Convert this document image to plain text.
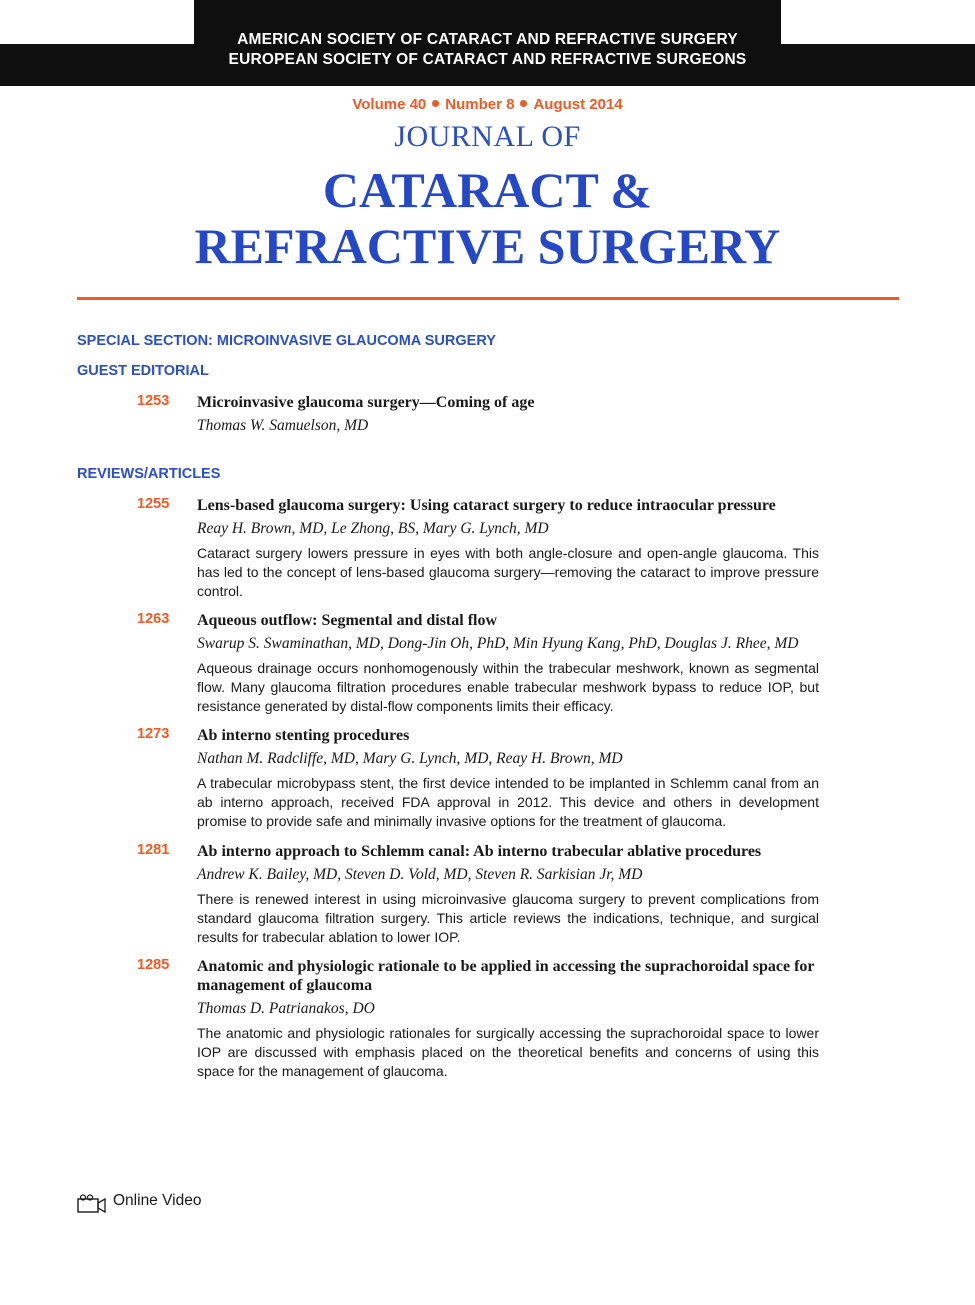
AMERICAN SOCIETY OF CATARACT AND REFRACTIVE SURGERY
EUROPEAN SOCIETY OF CATARACT AND REFRACTIVE SURGEONS
Volume 40 Number 8 August 2014
JOURNAL OF
CATARACT &
REFRACTIVE SURGERY
SPECIAL SECTION: MICROINVASIVE GLAUCOMA SURGERY
GUEST EDITORIAL
1253 Microinvasive glaucoma surgery—Coming of age
Thomas W. Samuelson, MD
REVIEWS/ARTICLES
1255 Lens-based glaucoma surgery: Using cataract surgery to reduce intraocular pressure
Reay H. Brown, MD, Le Zhong, BS, Mary G. Lynch, MD
Cataract surgery lowers pressure in eyes with both angle-closure and open-angle glaucoma. This has led to the concept of lens-based glaucoma surgery—removing the cataract to improve pressure control.
1263 Aqueous outflow: Segmental and distal flow
Swarup S. Swaminathan, MD, Dong-Jin Oh, PhD, Min Hyung Kang, PhD, Douglas J. Rhee, MD
Aqueous drainage occurs nonhomogenously within the trabecular meshwork, known as segmental flow. Many glaucoma filtration procedures enable trabecular meshwork bypass to reduce IOP, but resistance generated by distal-flow components limits their efficacy.
1273 Ab interno stenting procedures
Nathan M. Radcliffe, MD, Mary G. Lynch, MD, Reay H. Brown, MD
A trabecular microbypass stent, the first device intended to be implanted in Schlemm canal from an ab interno approach, received FDA approval in 2012. This device and others in development promise to provide safe and minimally invasive options for the treatment of glaucoma.
1281 Ab interno approach to Schlemm canal: Ab interno trabecular ablative procedures
Andrew K. Bailey, MD, Steven D. Vold, MD, Steven R. Sarkisian Jr, MD
There is renewed interest in using microinvasive glaucoma surgery to prevent complications from standard glaucoma filtration surgery. This article reviews the indications, technique, and surgical results for trabecular ablation to lower IOP.
1285 Anatomic and physiologic rationale to be applied in accessing the suprachoroidal space for management of glaucoma
Thomas D. Patrianakos, DO
The anatomic and physiologic rationales for surgically accessing the suprachoroidal space to lower IOP are discussed with emphasis placed on the theoretical benefits and concerns of using this space for the management of glaucoma.
Online Video
